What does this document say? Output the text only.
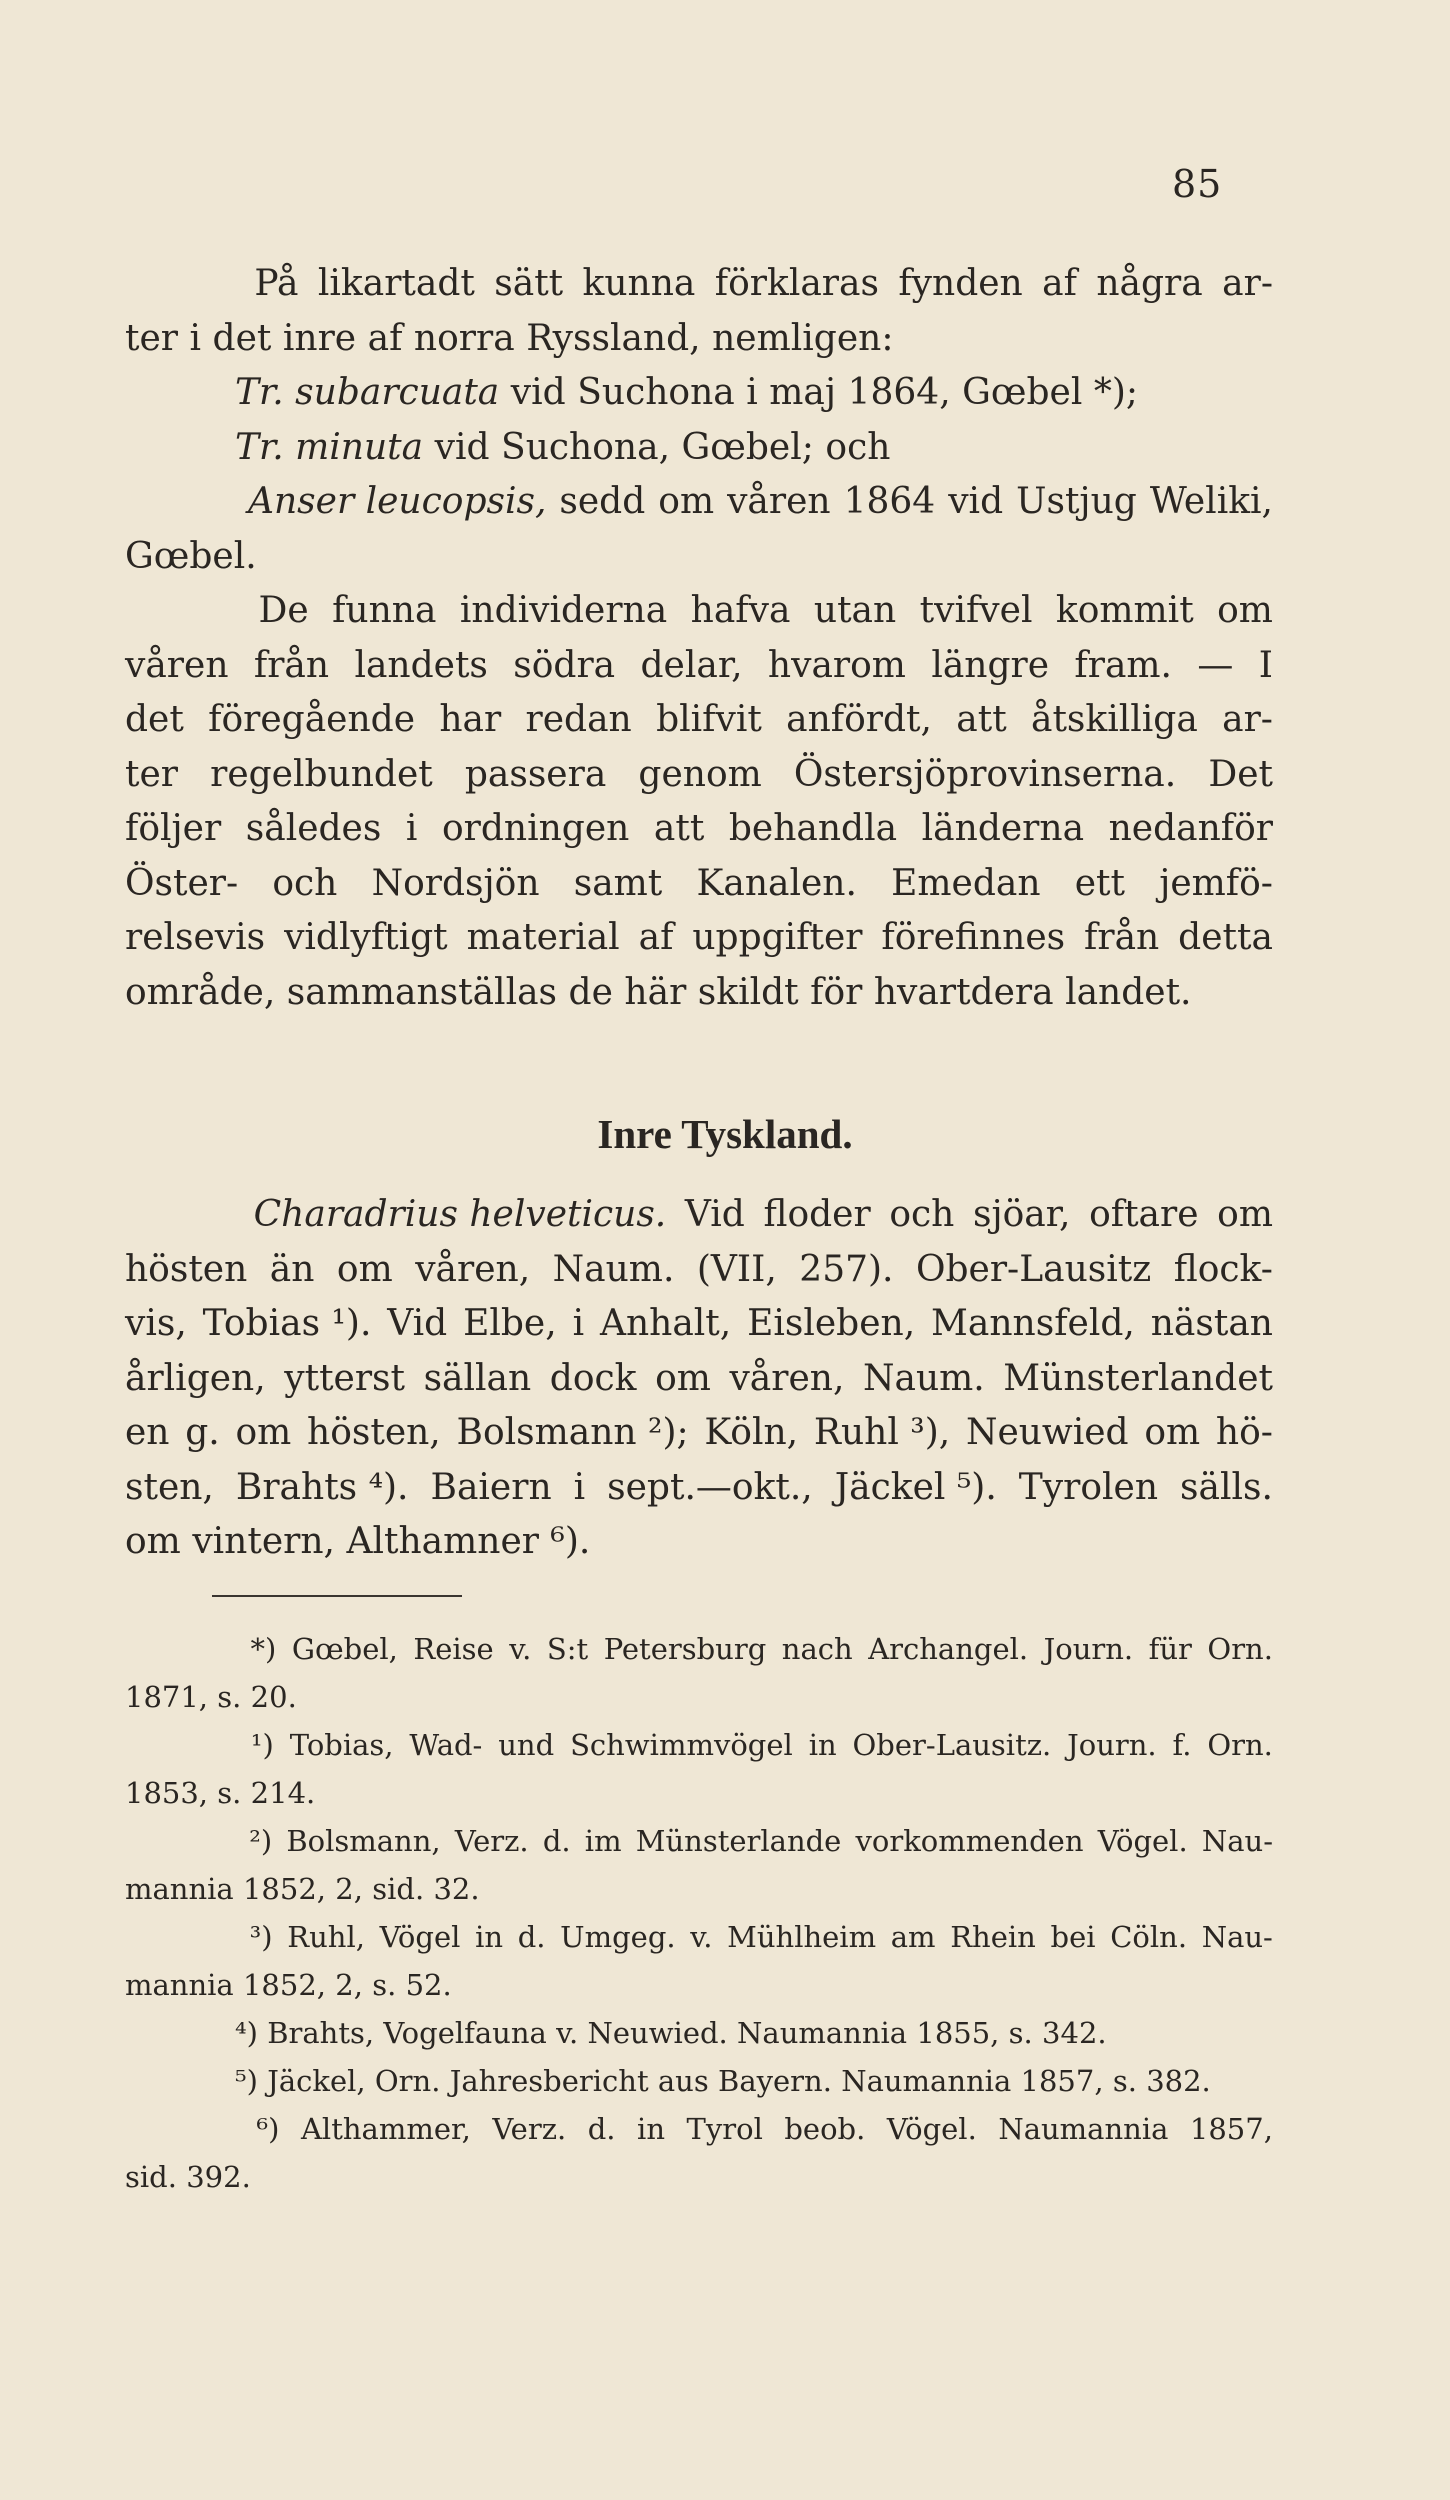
85
På likartadt sätt kunna förklaras fynden af några ar-
ter i det inre af norra Ryssland, nemligen:
Tr. subarcuata vid Suchona i maj 1864, Gœbel *);
Tr. minuta vid Suchona, Gœbel; och
Anser leucopsis, sedd om våren 1864 vid Ustjug Weliki,
Gœbel.
De funna individerna hafva utan tvifvel kommit om
våren från landets södra delar, hvarom längre fram. — I
det föregående har redan blifvit anfördt, att åtskilliga ar-
ter regelbundet passera genom Östersjöprovinserna. Det
följer således i ordningen att behandla länderna nedanför
Öster- och Nordsjön samt Kanalen. Emedan ett jemfö-
relsevis vidlyftigt material af uppgifter förefinnes från detta
område, sammanställas de här skildt för hvartdera landet.
Inre Tyskland.
Charadrius helveticus. Vid floder och sjöar, oftare om
hösten än om våren, Naum. (VII, 257). Ober-Lausitz flock-
vis, Tobias ¹). Vid Elbe, i Anhalt, Eisleben, Mannsfeld, nästan
årligen, ytterst sällan dock om våren, Naum. Münsterlandet
en g. om hösten, Bolsmann ²); Köln, Ruhl ³), Neuwied om hö-
sten, Brahts ⁴). Baiern i sept.—okt., Jäckel ⁵). Tyrolen sälls.
om vintern, Althamner ⁶).
*) Gœbel, Reise v. S:t Petersburg nach Archangel. Journ. für Orn.
1871, s. 20.
¹) Tobias, Wad- und Schwimmvögel in Ober-Lausitz. Journ. f. Orn.
1853, s. 214.
²) Bolsmann, Verz. d. im Münsterlande vorkommenden Vögel. Nau-
mannia 1852, 2, sid. 32.
³) Ruhl, Vögel in d. Umgeg. v. Mühlheim am Rhein bei Cöln. Nau-
mannia 1852, 2, s. 52.
⁴) Brahts, Vogelfauna v. Neuwied. Naumannia 1855, s. 342.
⁵) Jäckel, Orn. Jahresbericht aus Bayern. Naumannia 1857, s. 382.
⁶) Althammer, Verz. d. in Tyrol beob. Vögel. Naumannia 1857,
sid. 392.
